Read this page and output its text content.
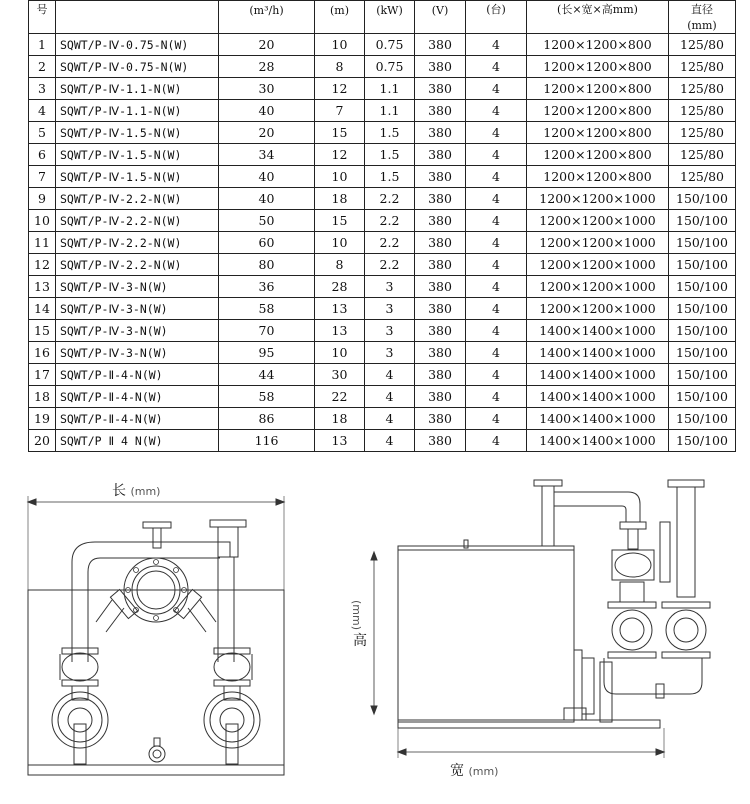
号		(m³/h)	(m)	(kW)	(V)	(台)	(长×宽×高mm)	直径
								(mm)
1	SQWT/P-Ⅳ-0.75-N(W)	20	10	0.75	380	4	1200×1200×800	125/80
2	SQWT/P-Ⅳ-0.75-N(W)	28	8	0.75	380	4	1200×1200×800	125/80
3	SQWT/P-Ⅳ-1.1-N(W)	30	12	1.1	380	4	1200×1200×800	125/80
4	SQWT/P-Ⅳ-1.1-N(W)	40	7	1.1	380	4	1200×1200×800	125/80
5	SQWT/P-Ⅳ-1.5-N(W)	20	15	1.5	380	4	1200×1200×800	125/80
6	SQWT/P-Ⅳ-1.5-N(W)	34	12	1.5	380	4	1200×1200×800	125/80
7	SQWT/P-Ⅳ-1.5-N(W)	40	10	1.5	380	4	1200×1200×800	125/80
9	SQWT/P-Ⅳ-2.2-N(W)	40	18	2.2	380	4	1200×1200×1000	150/100
10	SQWT/P-Ⅳ-2.2-N(W)	50	15	2.2	380	4	1200×1200×1000	150/100
11	SQWT/P-Ⅳ-2.2-N(W)	60	10	2.2	380	4	1200×1200×1000	150/100
12	SQWT/P-Ⅳ-2.2-N(W)	80	8	2.2	380	4	1200×1200×1000	150/100
13	SQWT/P-Ⅳ-3-N(W)	36	28	3	380	4	1200×1200×1000	150/100
14	SQWT/P-Ⅳ-3-N(W)	58	13	3	380	4	1200×1200×1000	150/100
15	SQWT/P-Ⅳ-3-N(W)	70	13	3	380	4	1400×1400×1000	150/100
16	SQWT/P-Ⅳ-3-N(W)	95	10	3	380	4	1400×1400×1000	150/100
17	SQWT/P-Ⅱ-4-N(W)	44	30	4	380	4	1400×1400×1000	150/100
18	SQWT/P-Ⅱ-4-N(W)	58	22	4	380	4	1400×1400×1000	150/100
19	SQWT/P-Ⅱ-4-N(W)	86	18	4	380	4	1400×1400×1000	150/100
20	SQWT/P Ⅱ 4 N(W)	116	13	4	380	4	1400×1400×1000	150/100
长 (mm)
(mm)
高
宽 (mm)
